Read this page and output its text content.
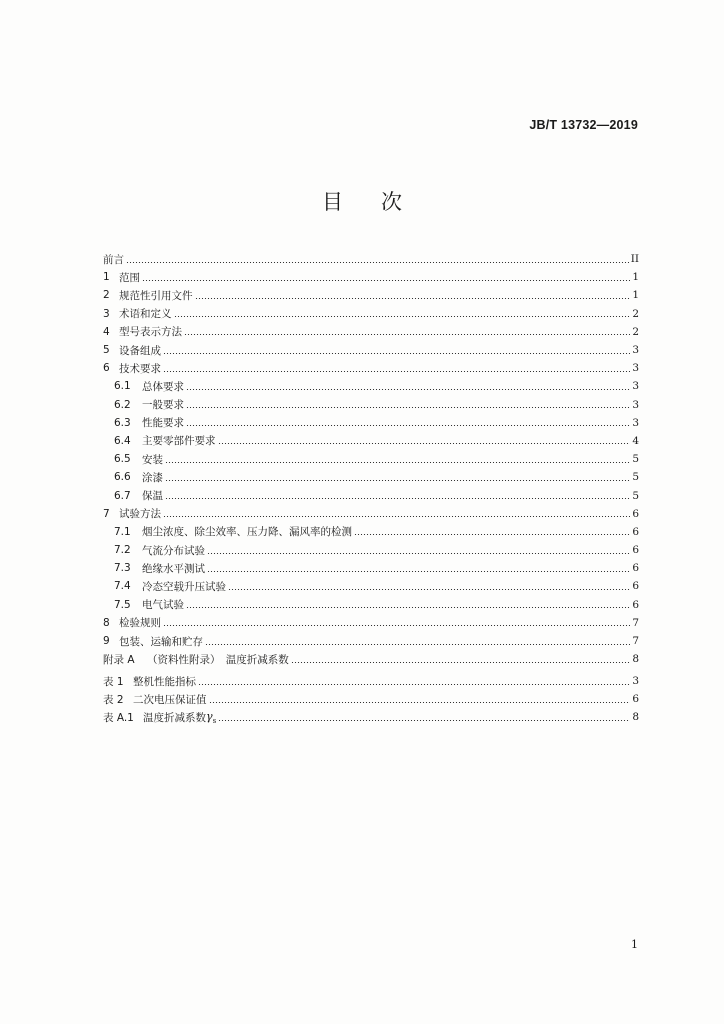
JB/T 13732—2019
目次
前言	II
1 范围	1
2 规范性引用文件	1
3 术语和定义	2
4 型号表示方法	2
5 设备组成	3
6 技术要求	3
6.1	总体要求	3
6.2	一般要求	3
6.3	性能要求	3
6.4	主要零部件要求	4
6.5	安装	5
6.6	涂漆	5
6.7	保温	5
7 试验方法	6
7.1	烟尘浓度、除尘效率、压力降、漏风率的检测	6
7.2	气流分布试验	6
7.3	绝缘水平测试	6
7.4	冷态空载升压试验	6
7.5	电气试验	6
8 检验规则	7
9 包装、运输和贮存	7
附录 A	（资料性附录）　温度折减系数	8
表 1 整机性能指标	3
表 2 二次电压保证值	6
表 A.1 温度折减系数 $\gamma_s$	8
1
